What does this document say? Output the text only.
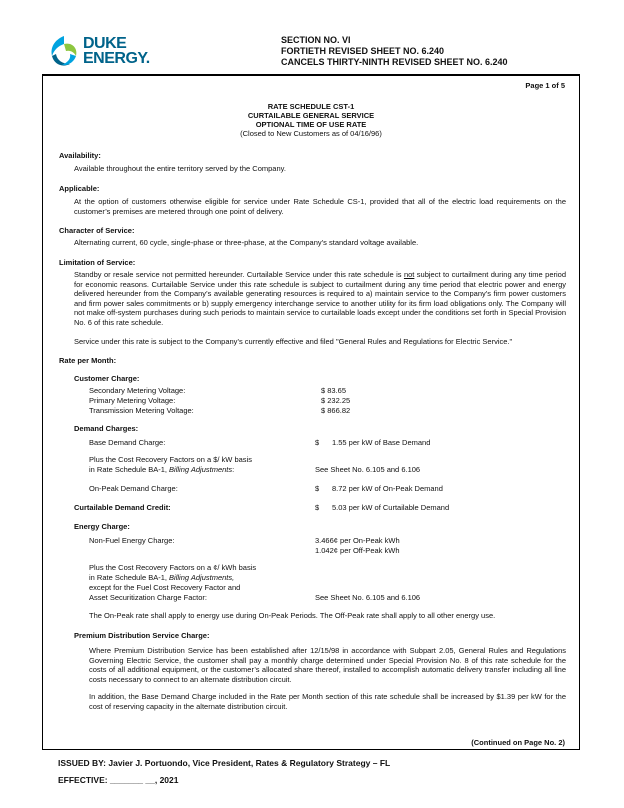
DUKE
ENERGY.
SECTION NO. VI
FORTIETH REVISED SHEET NO. 6.240
CANCELS THIRTY-NINTH REVISED SHEET NO. 6.240
Page 1 of 5
RATE SCHEDULE CST-1
CURTAILABLE GENERAL SERVICE
OPTIONAL TIME OF USE RATE
(Closed to New Customers as of 04/16/96)
Availability:
Available throughout the entire territory served by the Company.
Applicable:
At the option of customers otherwise eligible for service under Rate Schedule CS-1, provided that all of the electric load requirements on the customer’s premises are metered through one point of delivery.
Character of Service:
Alternating current, 60 cycle, single-phase or three-phase, at the Company’s standard voltage available.
Limitation of Service:
Standby or resale service not permitted hereunder. Curtailable Service under this rate schedule is not subject to curtailment during any time period for economic reasons. Curtailable Service under this rate schedule is subject to curtailment during any time period that electric power and energy delivered hereunder from the Company’s available generating resources is required to a) maintain service to the Company’s firm power customers and firm power sales commitments or b) supply emergency interchange service to another utility for its firm load obligations only. The Company will not make off-system purchases during such periods to maintain service to curtailable loads except under the conditions set forth in Special Provision No. 6 of this rate schedule.
Service under this rate is subject to the Company’s currently effective and filed "General Rules and Regulations for Electric Service."
Rate per Month:
Customer Charge:
Secondary Metering Voltage:	$ 83.65
Primary Metering Voltage:	$ 232.25
Transmission Metering Voltage:	$ 866.82
Demand Charges:
Base Demand Charge:	$ 1.55 per kW of Base Demand
Plus the Cost Recovery Factors on a $/ kW basis
in Rate Schedule BA-1, Billing Adjustments:	See Sheet No. 6.105 and 6.106
On-Peak Demand Charge:	$ 8.72 per kW of On-Peak Demand
Curtailable Demand Credit:	$ 5.03 per kW of Curtailable Demand
Energy Charge:
Non-Fuel Energy Charge:	3.466¢ per On-Peak kWh
1.042¢ per Off-Peak kWh
Plus the Cost Recovery Factors on a ¢/ kWh basis
in Rate Schedule BA-1, Billing Adjustments,
except for the Fuel Cost Recovery Factor and
Asset Securitization Charge Factor:	See Sheet No. 6.105 and 6.106
The On-Peak rate shall apply to energy use during On-Peak Periods. The Off-Peak rate shall apply to all other energy use.
Premium Distribution Service Charge:
Where Premium Distribution Service has been established after 12/15/98 in accordance with Subpart 2.05, General Rules and Regulations Governing Electric Service, the customer shall pay a monthly charge determined under Special Provision No. 8 of this rate schedule for the costs of all additional equipment, or the customer’s allocated share thereof, installed to accomplish automatic delivery transfer including all line costs necessary to connect to an alternate distribution circuit.
In addition, the Base Demand Charge included in the Rate per Month section of this rate schedule shall be increased by $1.39 per kW for the cost of reserving capacity in the alternate distribution circuit.
(Continued on Page No. 2)
ISSUED BY: Javier J. Portuondo, Vice President, Rates & Regulatory Strategy – FL
EFFECTIVE: _______ __, 2021
